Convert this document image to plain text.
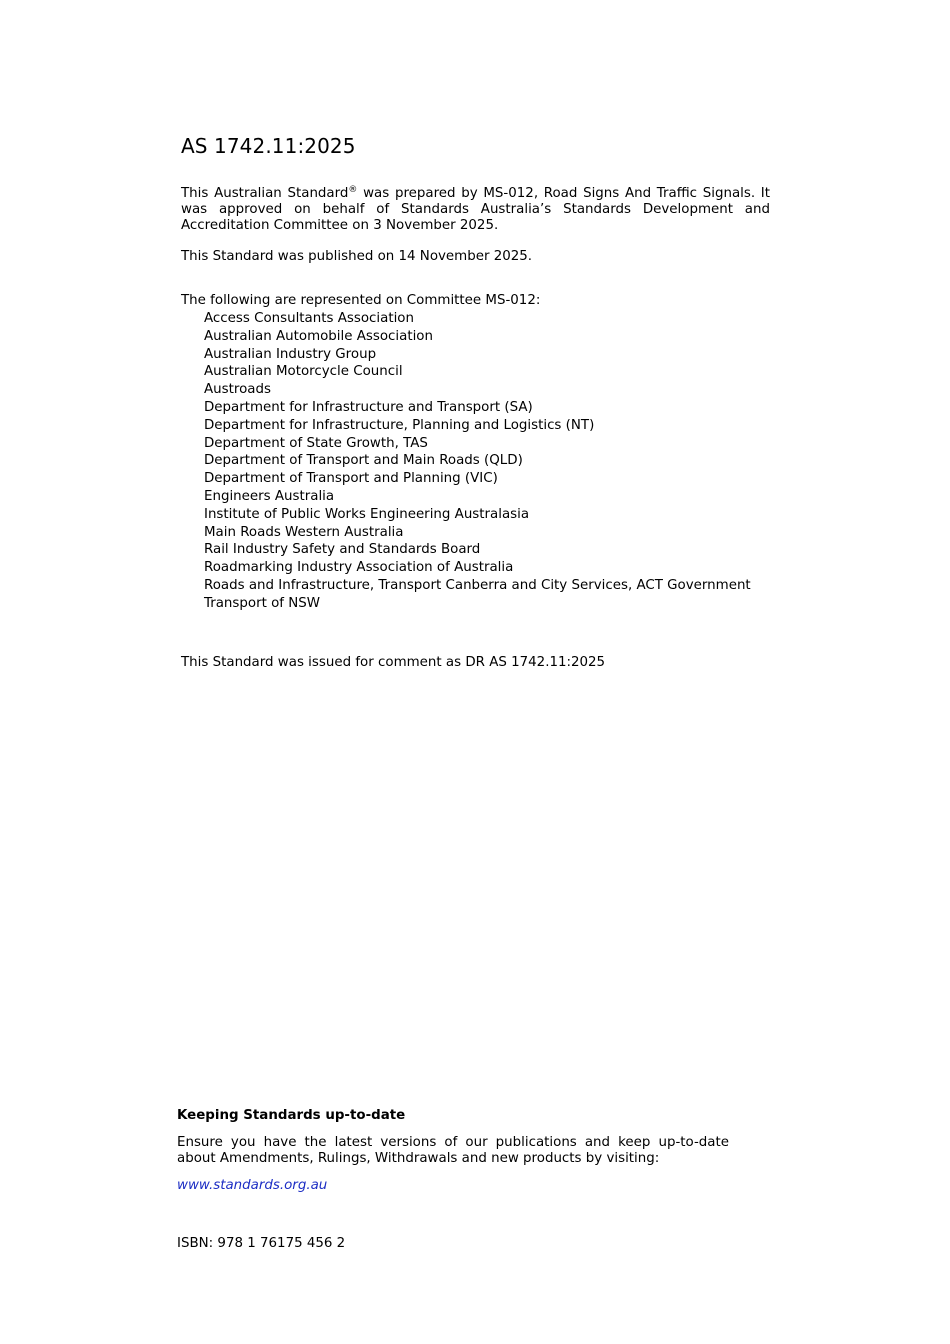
AS 1742.11:2025
This Australian Standard® was prepared by MS-012, Road Signs And Traffic Signals. It was approved on behalf of Standards Australia’s Standards Development and Accreditation Committee on 3 November 2025.
This Standard was published on 14 November 2025.
The following are represented on Committee MS-012:
Access Consultants Association
Australian Automobile Association
Australian Industry Group
Australian Motorcycle Council
Austroads
Department for Infrastructure and Transport (SA)
Department for Infrastructure, Planning and Logistics (NT)
Department of State Growth, TAS
Department of Transport and Main Roads (QLD)
Department of Transport and Planning (VIC)
Engineers Australia
Institute of Public Works Engineering Australasia
Main Roads Western Australia
Rail Industry Safety and Standards Board
Roadmarking Industry Association of Australia
Roads and Infrastructure, Transport Canberra and City Services, ACT Government
Transport of NSW
This Standard was issued for comment as DR AS 1742.11:2025
Keeping Standards up-to-date
Ensure you have the latest versions of our publications and keep up-to-date about Amendments, Rulings, Withdrawals and new products by visiting:
www.standards.org.au
ISBN: 978 1 76175 456 2
